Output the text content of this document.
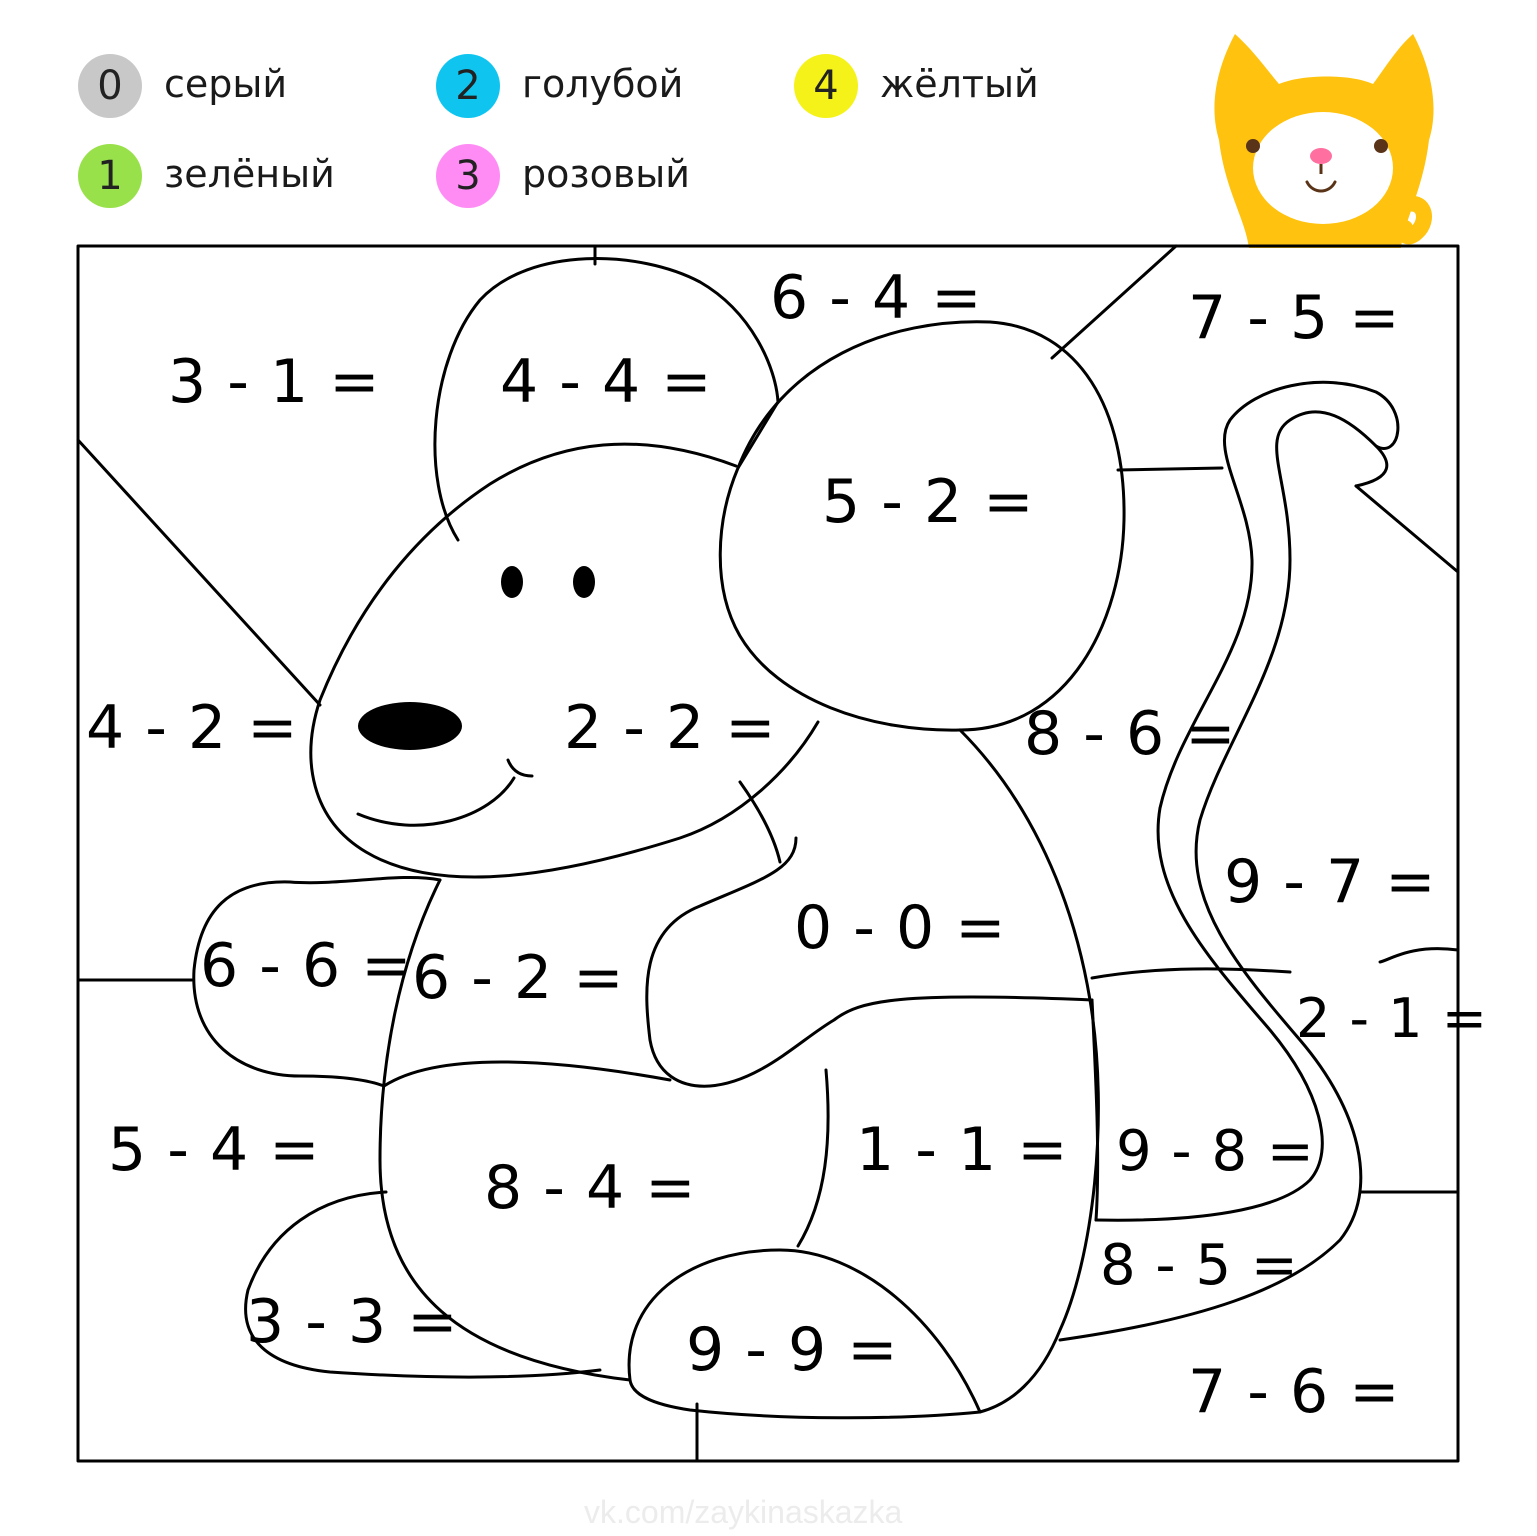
0	серый
1	зелёный
2	голубой
3	розовый
4	жёлтый
3 - 1 = 4 - 4 =
6 - 4 =	7 - 5 =
5 - 2 =
4 - 2 =	2 - 2 =	8 - 6 =
9 - 7 =
0 - 0 =
6 - 6 = 6 - 2 =
2 - 1 =
5 - 4 =	1 - 1 = 9 - 8 =
8 - 4 =
8 - 5 =
3 - 3 =	9 - 9 =
7 - 6 =
vk.com/zaykinaskazka
